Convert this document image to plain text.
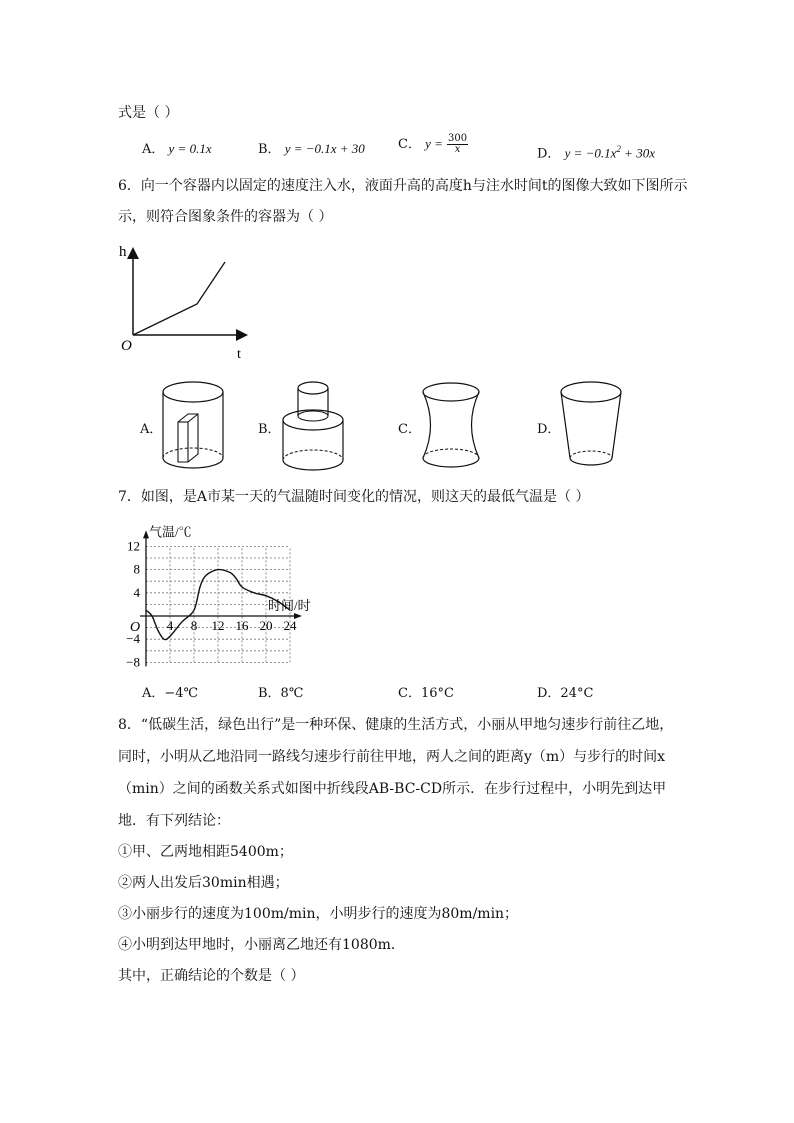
式是（ ）
A． y = 0.1x	B． y = −0.1x + 30	C． $y = \frac{300}{x}$	D． $y = -0.1x^2 + 30x$
6．向一个容器内以固定的速度注入水，液面升高的高度h与注水时间t的图像大致如下图所示
示，则符合图象条件的容器为（ ）
h
t
O
A．	B．	C．	D．
7．如图，是A市某一天的气温随时间变化的情况，则这天的最低气温是（ ）
4 8 12 16 20 24
12
8
4
−4
−8
气温/℃
时间/时
O
A．−4℃	B．8℃	C．16°C	D．24°C
8．“低碳生活，绿色出行”是一种环保、健康的生活方式，小丽从甲地匀速步行前往乙地，
同时，小明从乙地沿同一路线匀速步行前往甲地，两人之间的距离y（m）与步行的时间x
（min）之间的函数关系式如图中折线段AB-BC-CD所示．在步行过程中，小明先到达甲
地．有下列结论：
①甲、乙两地相距5400m；
②两人出发后30min相遇；
③小丽步行的速度为100m/min，小明步行的速度为80m/min；
④小明到达甲地时，小丽离乙地还有1080m．
其中，正确结论的个数是（ ）
